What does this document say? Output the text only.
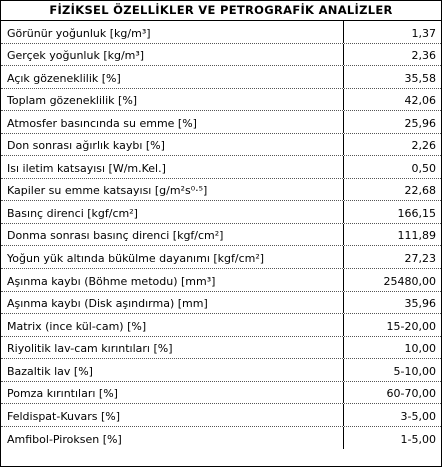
FİZİKSEL ÖZELLİKLER VE PETROGRAFİK ANALİZLER
Görünür yoğunluk [kg/m³]	1,37
Gerçek yoğunluk [kg/m³]	2,36
Açık gözeneklilik [%]	35,58
Toplam gözeneklilik [%]	42,06
Atmosfer basıncında su emme [%]	25,96
Don sonrası ağırlık kaybı [%]	2,26
Isı iletim katsayısı [W/m.Kel.]	0,50
Kapiler su emme katsayısı [g/m²s⁰‧⁵]	22,68
Basınç direnci [kgf/cm²]	166,15
Donma sonrası basınç direnci [kgf/cm²]	111,89
Yoğun yük altında bükülme dayanımı [kgf/cm²]	27,23
Aşınma kaybı (Böhme metodu) [mm³]	25480,00
Aşınma kaybı (Disk aşındırma) [mm]	35,96
Matrix (ince kül-cam) [%]	15-20,00
Riyolitik lav-cam kırıntıları [%]	10,00
Bazaltik lav [%]	5-10,00
Pomza kırıntıları [%]	60-70,00
Feldispat-Kuvars [%]	3-5,00
Amfibol-Piroksen [%]	1-5,00
